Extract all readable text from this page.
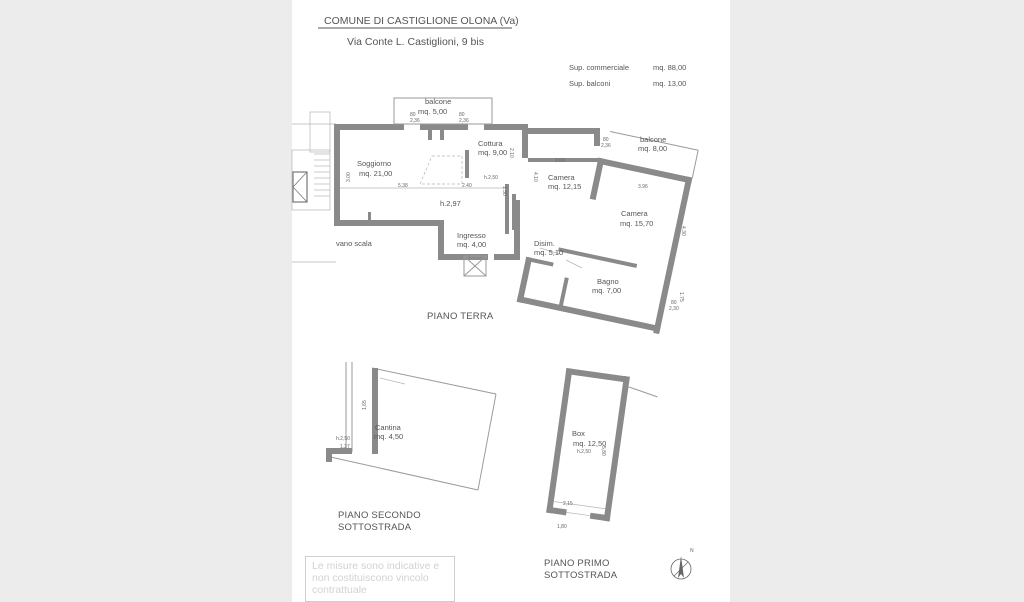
COMUNE DI CASTIGLIONE OLONA (Va)
Via Conte L. Castiglioni, 9 bis
Sup. commerciale	mq. 88,00
Sup. balconi	mq. 13,00
balcone
mq. 5,00
Soggiorno
mq. 21,00
Cottura
mq. 9,00
Camera
mq. 12,15
balcone
mq. 8,00
Camera
mq. 15,70
Ingresso
mq. 4,00	Disim.
mq. 5,10
Bagno
mq. 7,00
h.2,97
vano scala
5.38	2.40
3.00
2.10
1.30
2.69
4.10
3.96
4.30
1.75
h.2,50
80
2,36
80
2,36
80
2,36
80
2,30
PIANO TERRA
Cantina
mq. 4,50
h.2,50
1,27
1,65
PIANO SECONDO
SOTTOSTRADA
Box
mq. 12,50
h.2,50
2,15
1,80
5,80
PIANO PRIMO
SOTTOSTRADA
N
Le misure sono indicative e
non costituiscono vincolo
contrattuale
